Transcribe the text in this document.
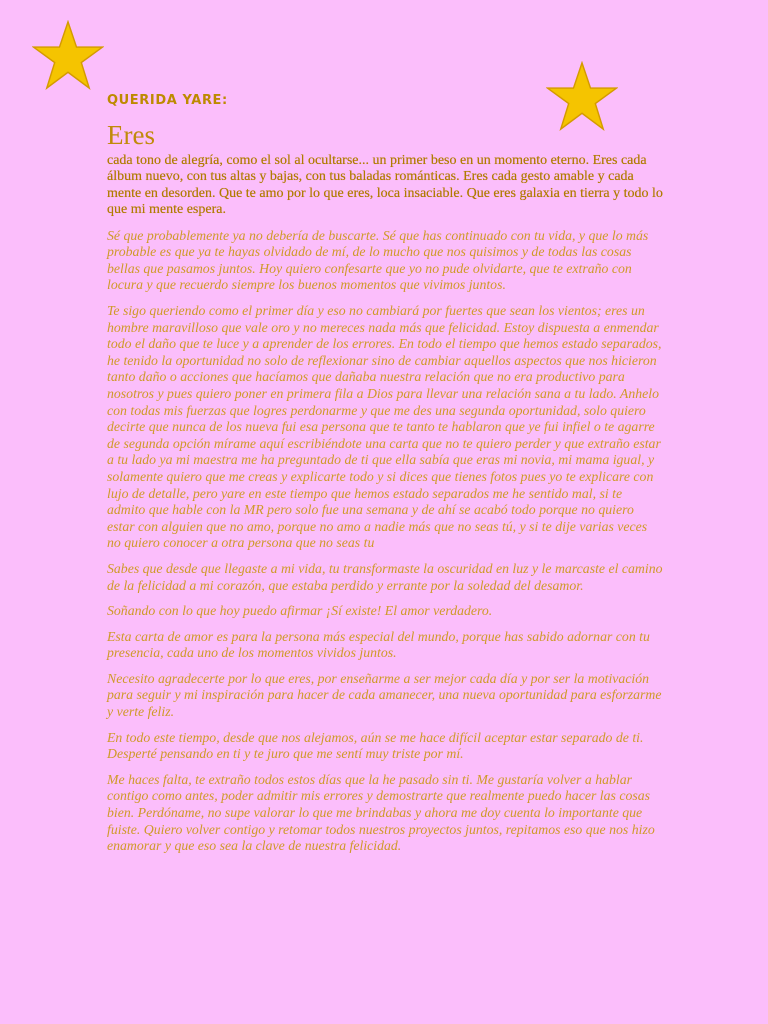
QUERIDA YARE:
Eres

cada tono de alegría, como el sol al ocultarse... un primer beso en un momento eterno. Eres cada álbum nuevo, con tus altas y bajas, con tus baladas románticas. Eres cada gesto amable y cada mente en desorden. Que te amo por lo que eres, loca insaciable. Que eres galaxia en tierra y todo lo que mi mente espera.

Sé que probablemente ya no debería de buscarte. Sé que has continuado con tu vida, y que lo más probable es que ya te hayas olvidado de mí, de lo mucho que nos quisimos y de todas las cosas bellas que pasamos juntos. Hoy quiero confesarte que yo no pude olvidarte, que te extraño con locura y que recuerdo siempre los buenos momentos que vivimos juntos.

Te sigo queriendo como el primer día y eso no cambiará por fuertes que sean los vientos; eres un hombre maravilloso que vale oro y no mereces nada más que felicidad. Estoy dispuesta a enmendar todo el daño que te luce y a aprender de los errores. En todo el tiempo que hemos estado separados, he tenido la oportunidad no solo de reflexionar sino de cambiar aquellos aspectos que nos hicieron tanto daño o acciones que hacíamos que dañaba nuestra relación que no era productivo para nosotros y pues quiero poner en primera fila a Dios para llevar una relación sana a tu lado. Anhelo con todas mis fuerzas que logres perdonarme y que me des una segunda oportunidad, solo quiero decirte que nunca de los nueva fui esa persona que te tanto te hablaron que ye fui infiel o te agarre de segunda opción mírame aquí escribiéndote una carta que no te quiero perder y que extraño estar a tu lado ya mi maestra me ha preguntado de ti que ella sabía que eras mi novia, mi mama igual, y solamente quiero que me creas y explicarte todo y si dices que tienes fotos pues yo te explicare con lujo de detalle, pero yare en este tiempo que hemos estado separados me he sentido mal, si te admito que hable con la MR pero solo fue una semana y de ahí se acabó todo porque no quiero estar con alguien que no amo, porque no amo a nadie más que no seas tú, y si te dije varias veces no quiero conocer a otra persona que no seas tu

Sabes que desde que llegaste a mi vida, tu transformaste la oscuridad en luz y le marcaste el camino de la felicidad a mi corazón, que estaba perdido y errante por la soledad del desamor.

Soñando con lo que hoy puedo afirmar ¡Sí existe! El amor verdadero.

Esta carta de amor es para la persona más especial del mundo, porque has sabido adornar con tu presencia, cada uno de los momentos vividos juntos.

Necesito agradecerte por lo que eres, por enseñarme a ser mejor cada día y por ser la motivación para seguir y mi inspiración para hacer de cada amanecer, una nueva oportunidad para esforzarme y verte feliz.

En todo este tiempo, desde que nos alejamos, aún se me hace difícil aceptar estar separado de ti. Desperté pensando en ti y te juro que me sentí muy triste por mí.

Me haces falta, te extraño todos estos días que la he pasado sin ti. Me gustaría volver a hablar contigo como antes, poder admitir mis errores y demostrarte que realmente puedo hacer las cosas bien. Perdóname, no supe valorar lo que me brindabas y ahora me doy cuenta lo importante que fuiste. Quiero volver contigo y retomar todos nuestros proyectos juntos, repitamos eso que nos hizo enamorar y que eso sea la clave de nuestra felicidad.
